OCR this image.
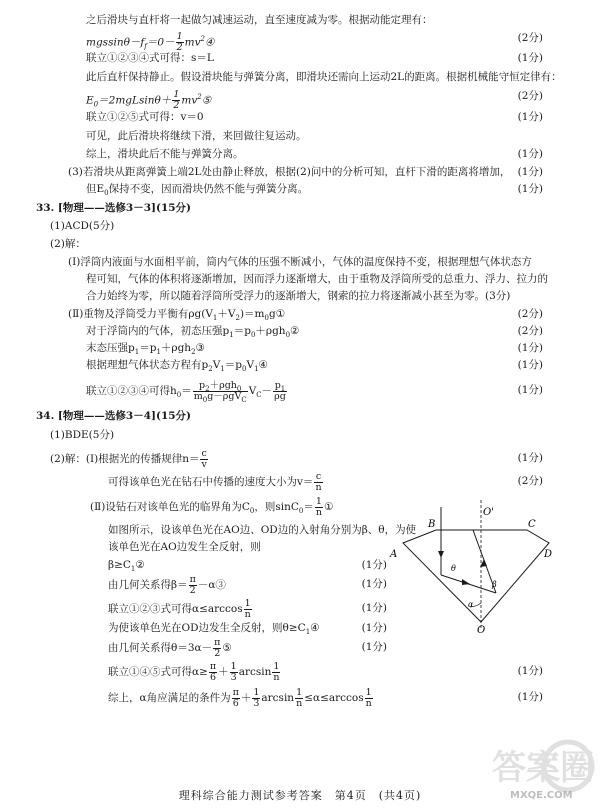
之后滑块与直杆将一起做匀减速运动，直至速度减为零。根据动能定理有：
$mgssin\theta-f_f=0- \frac{1}{2}$ $mv^2④$	(2分)
联立①②③④式可得：s＝L	(1分)
此后直杆保持静止。假设滑块能与弹簧分离，即滑块还需向上运动2L的距离。根据机械能守恒定律有：
$E_0=2mgLsin\theta+ \frac{1}{2}$ $mv^2⑤$	(2分)
联立①②⑤式可得：v＝0	(1分)
可见，此后滑块将继续下滑，来回做往复运动。
综上，滑块此后不能与弹簧分离。	(1分)
(3)若滑块从距离弹簧上端2L处由静止释放，根据(2)问中的分析可知，直杆下滑的距离将增加， (1分)
但$E_0$保持不变，因而滑块仍然不能与弹簧分离。	(1分)
33. [物理——选修3－3](15分)
(1)ACD(5分)
(2)解：
(Ⅰ)浮筒内液面与水面相平前，筒内气体的压强不断减小，气体的温度保持不变，根据理想气体状态方
程可知，气体的体积将逐渐增加，因而浮力逐渐增大，由于重物及浮筒所受的总重力、浮力、拉力的
合力始终为零，所以随着浮筒所受浮力的逐渐增大，钢索的拉力将逐渐减小甚至为零。(3分)
(Ⅱ)重物及浮筒受力平衡有$\rho g(V_1+V_2)=m_0g①$	(2分)
对于浮筒内的气体，初态压强$p_1=p_0+\rho gh_0②$	(2分)
末态压强$p_1=p_1+\rho gh_2③$	(1分)
根据理想气体状态方程有$p_2V_1=p_0V_1④$	(1分)
联立①②③④可得$h_0= \frac{p_2+\rho gh_0}{m_0g-\rho gV_C} V_C- \frac{p_1}{\rho g}$	(1分)
34. [物理——选修3－4](15分)
(1)BDE(5分)
(2)解：(Ⅰ)根据光的传播规律$n= \frac{c}{v}$	(1分)
可得该单色光在钻石中传播的速度大小为$v= \frac{c}{n}$	(2分)
(Ⅱ)设钻石对该单色光的临界角为$C_0$，则$\sin C_0= \frac{1}{n}$ ①
如图所示，设该单色光在AO边、OD边的入射角分别为β、θ，为使
该单色光在AO边发生全反射，则
$\beta\ge C_1②$	(1分)
由几何关系得$\beta= \frac{\pi}{2}$ －α③	(1分)
联立①②③式可得$\alpha\le\arccos \frac{1}{n}$	(1分)
为使该单色光在OD边发生全反射，则$\theta\ge C_1④$	(1分)
由几何关系得$\theta=3\alpha- \frac{\pi}{2}$ ⑤	(1分)
联立①④⑤式可得$\alpha\ge \frac{\pi}{6} + \frac{1}{3}$ $\arcsin \frac{1}{n}$	(1分)
综上，α角应满足的条件为 $\frac{\pi}{6} + \frac{1}{3}$ $\arcsin \frac{1}{n} \le\alpha\le\arccos \frac{1}{n}$	(1分)
O'
B	C
A	D
O
θ
α
β
答案圈
MXQE.COM
理科综合能力测试参考答案　第4页　(共4页)
